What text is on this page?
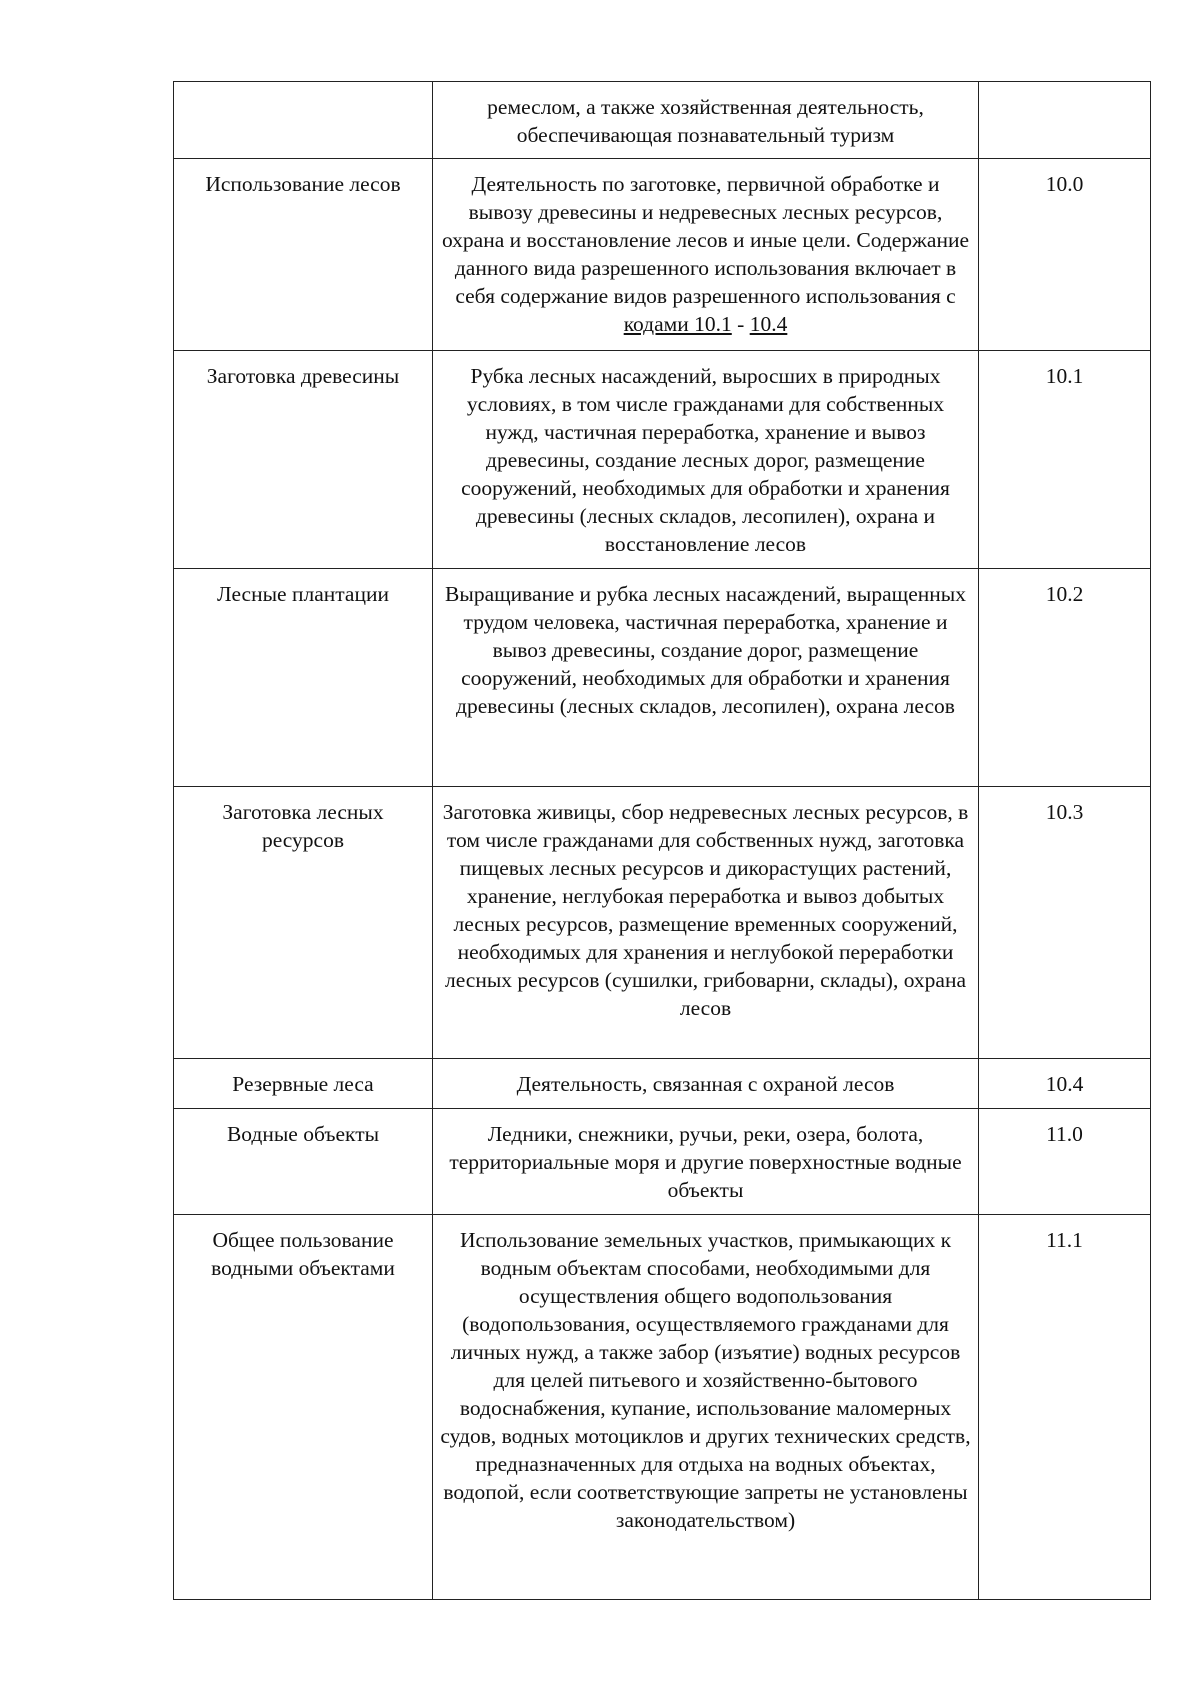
	ремеслом, а также хозяйственная деятельность, обеспечивающая познавательный туризм	
Использование лесов	Деятельность по заготовке, первичной обработке и вывозу древесины и недревесных лесных ресурсов, охрана и восстановление лесов и иные цели. Содержание данного вида разрешенного использования включает в себя содержание видов разрешенного использования с кодами 10.1 - 10.4	10.0
Заготовка древесины	Рубка лесных насаждений, выросших в природных условиях, в том числе гражданами для собственных нужд, частичная переработка, хранение и вывоз древесины, создание лесных дорог, размещение сооружений, необходимых для обработки и хранения древесины (лесных складов, лесопилен), охрана и восстановление лесов	10.1
Лесные плантации	Выращивание и рубка лесных насаждений, выращенных трудом человека, частичная переработка, хранение и вывоз древесины, создание дорог, размещение сооружений, необходимых для обработки и хранения древесины (лесных складов, лесопилен), охрана лесов	10.2
Заготовка лесных ресурсов	Заготовка живицы, сбор недревесных лесных ресурсов, в том числе гражданами для собственных нужд, заготовка пищевых лесных ресурсов и дикорастущих растений, хранение, неглубокая переработка и вывоз добытых лесных ресурсов, размещение временных сооружений, необходимых для хранения и неглубокой переработки лесных ресурсов (сушилки, грибоварни, склады), охрана лесов	10.3
Резервные леса	Деятельность, связанная с охраной лесов	10.4
Водные объекты	Ледники, снежники, ручьи, реки, озера, болота, территориальные моря и другие поверхностные водные объекты	11.0
Общее пользование водными объектами	Использование земельных участков, примыкающих к водным объектам способами, необходимыми для осуществления общего водопользования (водопользования, осуществляемого гражданами для личных нужд, а также забор (изъятие) водных ресурсов для целей питьевого и хозяйственно-бытового водоснабжения, купание, использование маломерных судов, водных мотоциклов и других технических средств, предназначенных для отдыха на водных объектах, водопой, если соответствующие запреты не установлены законодательством)	11.1
